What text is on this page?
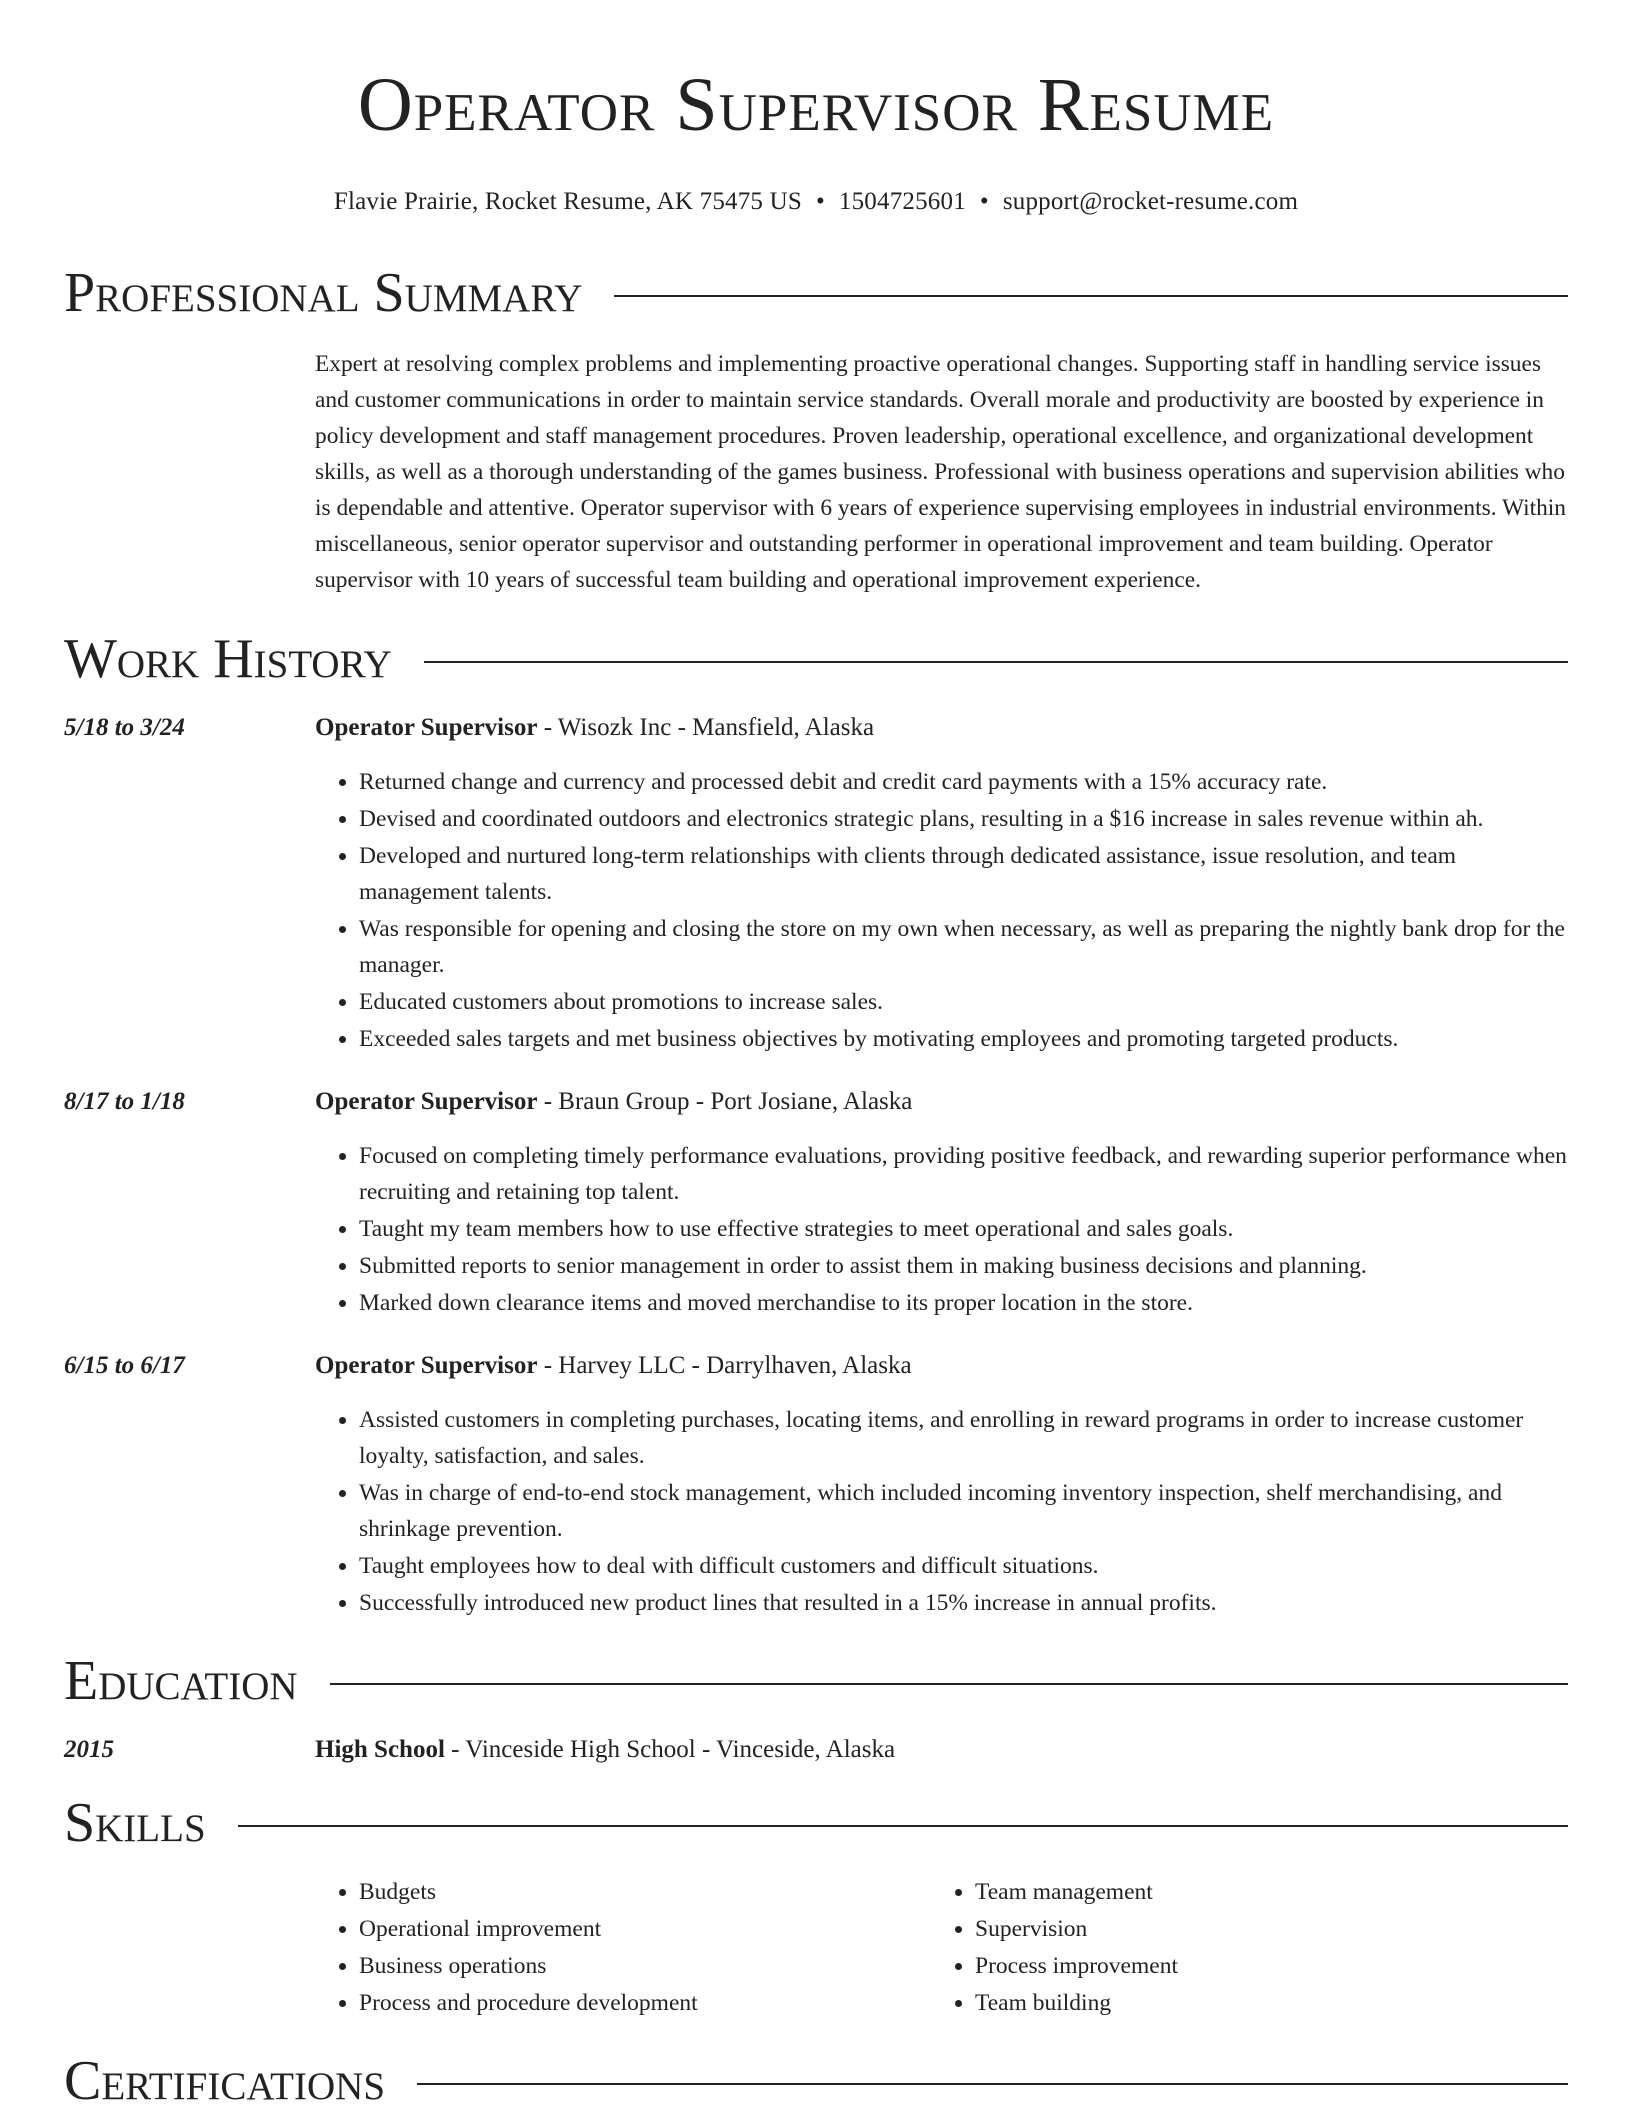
Operator Supervisor Resume
Flavie Prairie, Rocket Resume, AK 75475 US • 1504725601 • support@rocket-resume.com
Professional Summary
Expert at resolving complex problems and implementing proactive operational changes. Supporting staff in handling service issues and customer communications in order to maintain service standards. Overall morale and productivity are boosted by experience in policy development and staff management procedures. Proven leadership, operational excellence, and organizational development skills, as well as a thorough understanding of the games business. Professional with business operations and supervision abilities who is dependable and attentive. Operator supervisor with 6 years of experience supervising employees in industrial environments. Within miscellaneous, senior operator supervisor and outstanding performer in operational improvement and team building. Operator supervisor with 10 years of successful team building and operational improvement experience.
Work History
5/18 to 3/24	Operator Supervisor - Wisozk Inc - Mansfield, Alaska
• Returned change and currency and processed debit and credit card payments with a 15% accuracy rate.
• Devised and coordinated outdoors and electronics strategic plans, resulting in a $16 increase in sales revenue within ah.
• Developed and nurtured long-term relationships with clients through dedicated assistance, issue resolution, and team management talents.
• Was responsible for opening and closing the store on my own when necessary, as well as preparing the nightly bank drop for the manager.
• Educated customers about promotions to increase sales.
• Exceeded sales targets and met business objectives by motivating employees and promoting targeted products.
8/17 to 1/18	Operator Supervisor - Braun Group - Port Josiane, Alaska
• Focused on completing timely performance evaluations, providing positive feedback, and rewarding superior performance when recruiting and retaining top talent.
• Taught my team members how to use effective strategies to meet operational and sales goals.
• Submitted reports to senior management in order to assist them in making business decisions and planning.
• Marked down clearance items and moved merchandise to its proper location in the store.
6/15 to 6/17	Operator Supervisor - Harvey LLC - Darrylhaven, Alaska
• Assisted customers in completing purchases, locating items, and enrolling in reward programs in order to increase customer loyalty, satisfaction, and sales.
• Was in charge of end-to-end stock management, which included incoming inventory inspection, shelf merchandising, and shrinkage prevention.
• Taught employees how to deal with difficult customers and difficult situations.
• Successfully introduced new product lines that resulted in a 15% increase in annual profits.
Education
2015	High School - Vinceside High School - Vinceside, Alaska
Skills
• Budgets
• Operational improvement
• Business operations
• Process and procedure development
• Team management
• Supervision
• Process improvement
• Team building
Certifications
